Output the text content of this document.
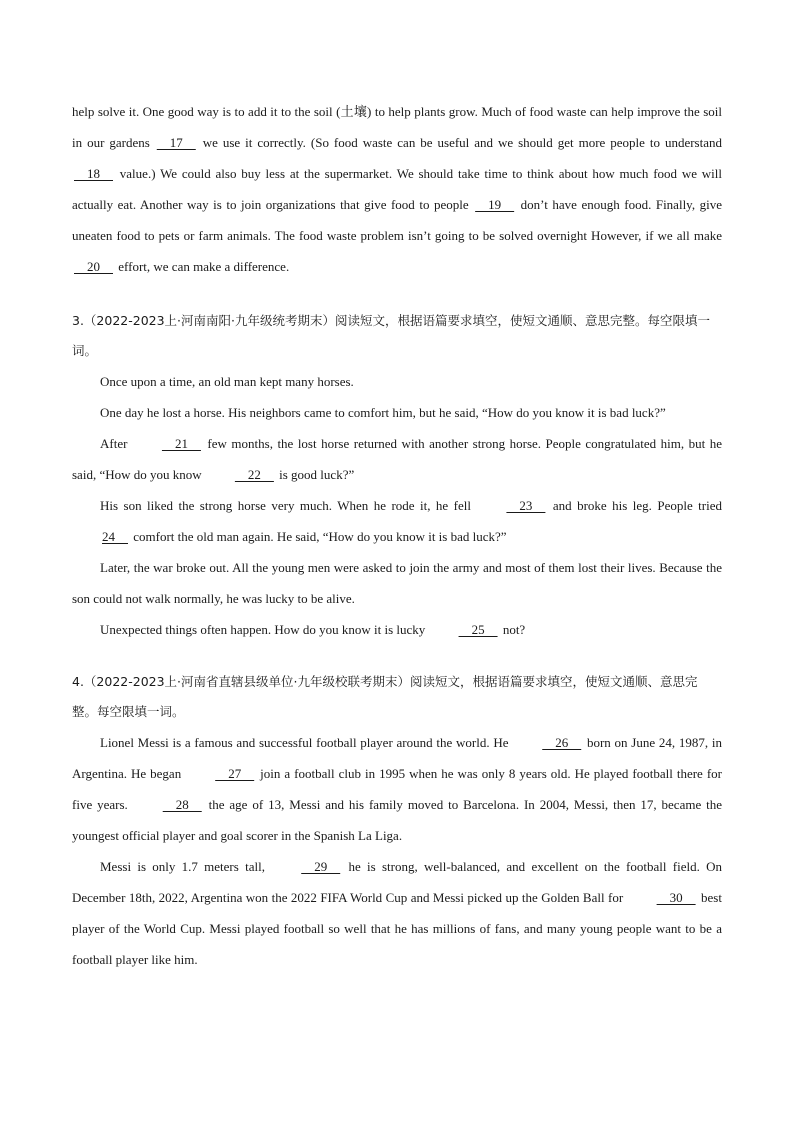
help solve it. One good way is to add it to the soil (土壤) to help plants grow. Much of food waste can help improve the soil in our gardens     17     we use it correctly. (So food waste can be useful and we should get more people to understand     18     value.) We could also buy less at the supermarket. We should take time to think about how much food we will actually eat. Another way is to join organizations that give food to people     19     don’t have enough food. Finally, give uneaten food to pets or farm animals. The food waste problem isn’t going to be solved overnight However, if we all make     20     effort, we can make a difference.

3.（2022-2023上·河南南阳·九年级统考期末）阅读短文，根据语篇要求填空，使短文通顺、意思完整。每空限填一词。

Once upon a time, an old man kept many horses.

One day he lost a horse. His neighbors came to comfort him, but he said, “How do you know it is bad luck?”

After     21     few months, the lost horse returned with another strong horse. People congratulated him, but he said, “How do you know     22     is good luck?”

His son liked the strong horse very much. When he rode it, he fell     23     and broke his leg. People tried 24     comfort the old man again. He said, “How do you know it is bad luck?”

Later, the war broke out. All the young men were asked to join the army and most of them lost their lives. Because the son could not walk normally, he was lucky to be alive.

Unexpected things often happen. How do you know it is lucky     25     not?

4.（2022-2023上·河南省直辖县级单位·九年级校联考期末）阅读短文，根据语篇要求填空，使短文通顺、意思完整。每空限填一词。

Lionel Messi is a famous and successful football player around the world. He     26     born on June 24, 1987, in Argentina. He began     27     join a football club in 1995 when he was only 8 years old. He played football there for five years.     28     the age of 13, Messi and his family moved to Barcelona. In 2004, Messi, then 17, became the youngest official player and goal scorer in the Spanish La Liga.

Messi is only 1.7 meters tall,     29     he is strong, well-balanced, and excellent on the football field. On December 18th, 2022, Argentina won the 2022 FIFA World Cup and Messi picked up the Golden Ball for     30     best player of the World Cup. Messi played football so well that he has millions of fans, and many young people want to be a football player like him.
